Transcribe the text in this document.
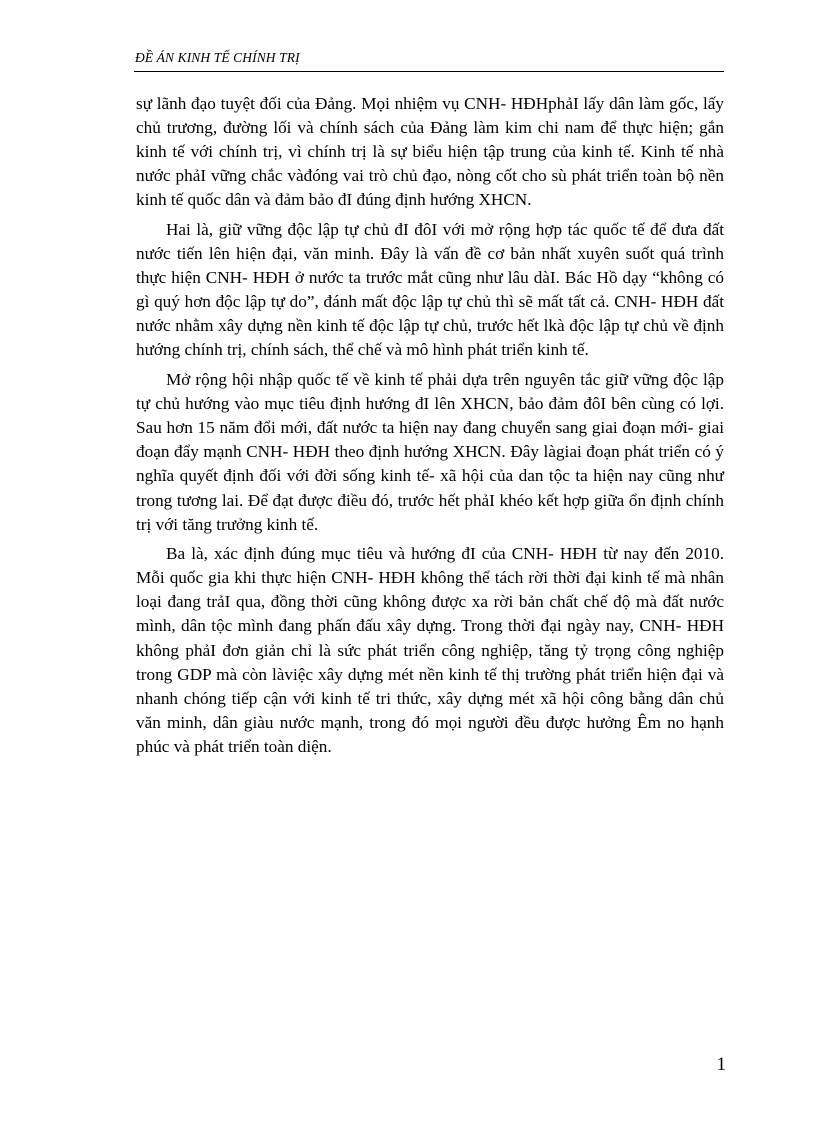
ĐỀ ÁN KINH TẾ CHÍNH TRỊ

sự lãnh đạo tuyệt đối của Đảng. Mọi nhiệm vụ CNH- HĐHphảI lấy dân làm gốc, lấy chủ trương, đường lối và chính sách của Đảng làm kim chi nam để thực hiện; gắn kinh tế với chính trị, vì chính trị là sự biểu hiện tập trung của kinh tế. Kinh tế nhà nước phảI vững chắc vàđóng vai trò chủ đạo, nòng cốt cho sù phát triển toàn bộ nền kinh tế quốc dân và đảm bảo đI đúng định hướng XHCN.

Hai là, giữ vững độc lập tự chủ đI đôI với mở rộng hợp tác quốc tế để đưa đất nước tiến lên hiện đại, văn minh. Đây là vấn đề cơ bản nhất xuyên suốt quá trình thực hiện CNH- HĐH ở nước ta trước mắt cũng như lâu dàI. Bác Hồ dạy “không có gì quý hơn độc lập tự do”, đánh mất độc lập tự chủ thì sẽ mất tất cả. CNH- HĐH đất nước nhằm xây dựng nền kinh tế độc lập tự chủ, trước hết lkà độc lập tự chủ về định hướng chính trị, chính sách, thể chế và mô hình phát triển kinh tế.

Mở rộng hội nhập quốc tế về kinh tế phải dựa trên nguyên tắc giữ vững độc lập tự chủ hướng vào mục tiêu định hướng đI lên XHCN, bảo đảm đôI bên cùng có lợi. Sau hơn 15 năm đổi mới, đất nước ta hiện nay đang chuyển sang giai đoạn mới- giai đoạn đẩy mạnh CNH- HĐH theo định hướng XHCN. Đây làgiai đoạn phát triển có ý nghĩa quyết định đối với đời sống kinh tế- xã hội của dan tộc ta hiện nay cũng như trong tương lai. Để đạt được điều đó, trước hết phảI khéo kết hợp giữa ổn định chính trị với tăng trưởng kinh tế.

Ba là, xác định đúng mục tiêu và hướng đI của CNH- HĐH từ nay đến 2010. Mỗi quốc gia khi thực hiện CNH- HĐH không thể tách rời thời đại kinh tế mà nhân loại đang trảI qua, đồng thời cũng không được xa rời bản chất chế độ mà đất nước mình, dân tộc mình đang phấn đấu xây dựng. Trong thời đại ngày nay, CNH- HĐH không phảI đơn giản chỉ là sức phát triển công nghiệp, tăng tỷ trọng công nghiệp trong GDP mà còn làviệc xây dựng mét nền kinh tế thị trường phát triển hiện đại và nhanh chóng tiếp cận với kinh tế tri thức, xây dựng mét xã hội công bằng dân chủ văn minh, dân giàu nước mạnh, trong đó mọi người đều được hưởng Êm no hạnh phúc và phát triển toàn diện.

1
